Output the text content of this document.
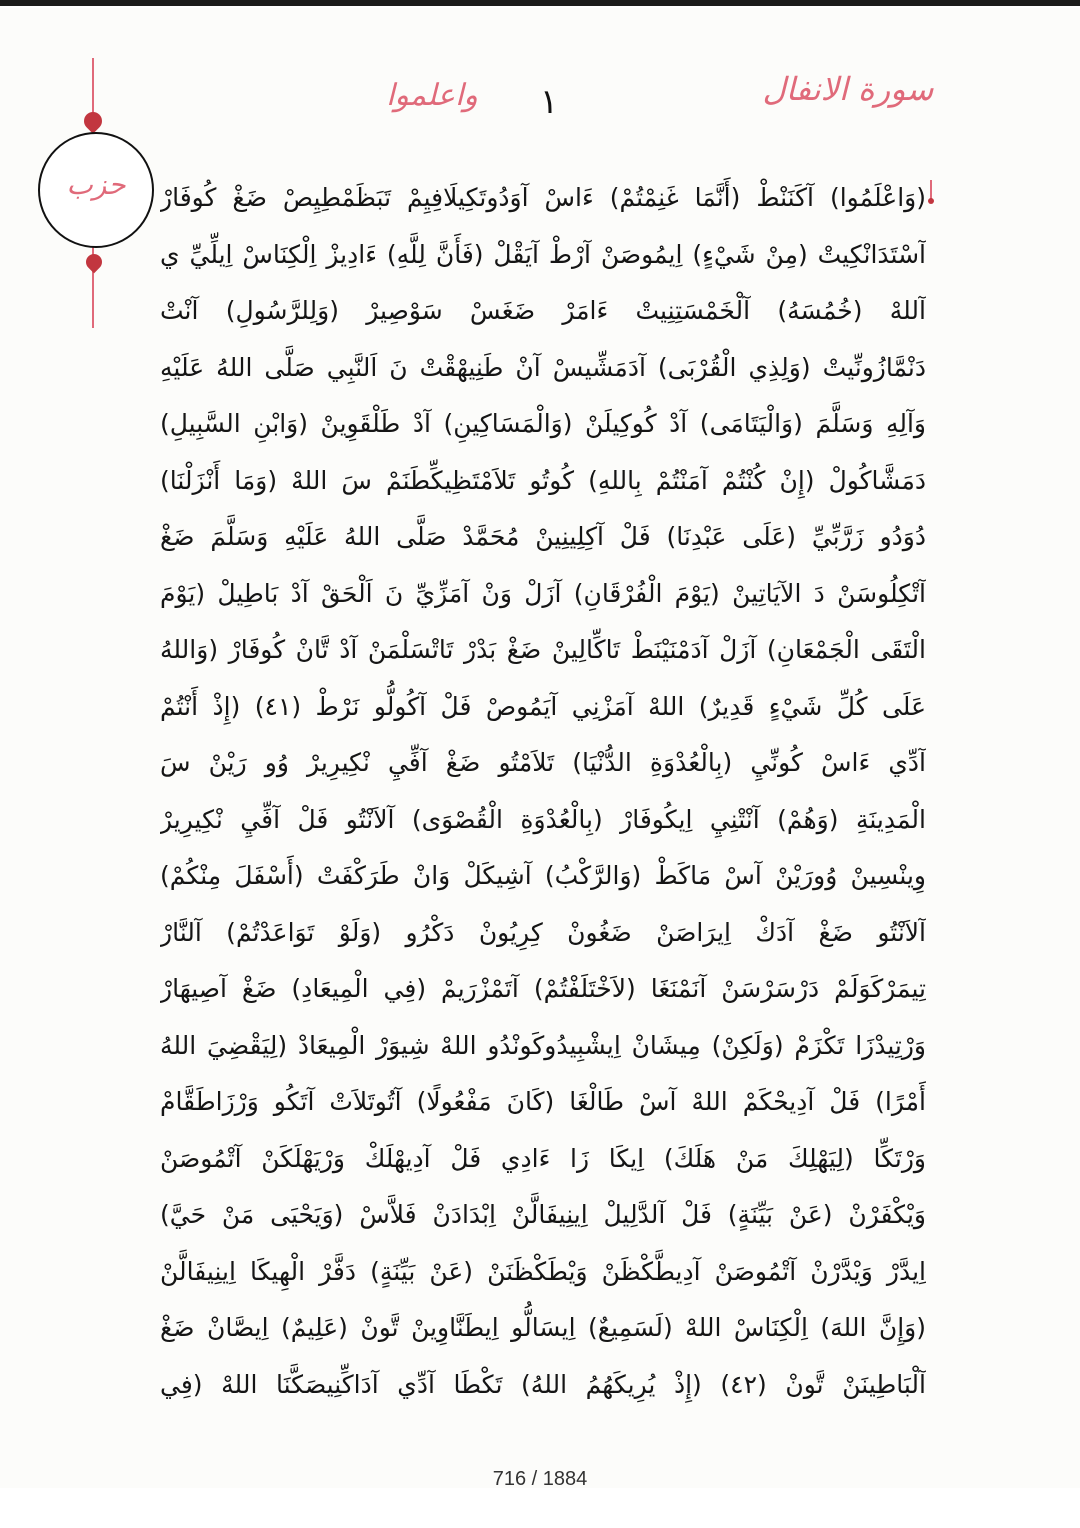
سورة الانفال
١
واعلموا
حزب	(وَاعْلَمُوا) آكَنَنْطْ (أَنَّمَا غَنِمْتُمْ) ءَاسْ آوَدُوتَكِيلَافِيِمْ تَبَظَمْطِيِصْ ضَغْ كُوفَارْ
آسْتَدَانْكِيتْ (مِنْ شَيْءٍ) اِيمُوصَنْ آرْطْ آيَقْلْ (فَأَنَّ لِلَّهِ) ءَادِيزْ اِلْكِنَاسْ اِيلِّيِّ ي
آللهْ (خُمُسَهُ) آلْخَمْسَتِنِيتْ ءَامَرْ ضَغَسْ سَوْصِيرْ (وَلِلرَّسُولِ) آنْتْ
دَنْمَّازُونِّيتْ (وَلِذِي الْقُرْبَى) آدَمَشِّيسْ آنْ طَنِيهْقْتْ نَ اَلنَّبِي صَلَّى اللهُ عَلَيْهِ
وَآلِهِ وَسَلَّمَ (وَالْيَتَامَى) آدْ كُوكِيلَنْ (وَالْمَسَاكِينِ) آدْ طَلْقَوِينْ (وَابْنِ السَّبِيلِ)
دَمَشَّاكُولْ (إِنْ كُنْتُمْ آمَنْتُمْ بِاللهِ) كُوتُو تَلاَمْتَظِيكِّطَنَمْ سَ اللهْ (وَمَا أَنْزَلْنَا)
دُوَدُو زَرَّبِّيِّ (عَلَى عَبْدِنَا) فَلْ آكِلِينِينْ مُحَمَّدْ صَلَّى اللهُ عَلَيْهِ وَسَلَّمَ ضَغْ
آتْكِلُوسَنْ دَ الآيَاتِينْ (يَوْمَ الْفُرْقَانِ) آزَلْ وَنْ آمَزِّيِّ نَ اَلْحَقْ آدْ بَاطِيلْ (يَوْمَ
الْتَقَى الْجَمْعَانِ) آزَلْ آدَمْنَيْنَطْ تَاكِّالِينْ ضَغْ بَدْرْ تَاتْسَلْمَنْ آدْ تَّانْ كُوفَارْ (وَاللهُ
عَلَى كُلِّ شَيْءٍ قَدِيرٌ) اللهْ آمَزْنِي آيَمُوصْ فَلْ آكُولُّو نَرْطْ (٤١) (إِذْ أَنْتُمْ
آدِّي ءَاسْ كُونِّيِ (بِالْعُدْوَةِ الدُّنْيَا) تَلاَمْتُو ضَغْ آفِّيِ نْكِيرِيرْ وُو رَيْنْ سَ
الْمَدِينَةِ (وَهُمْ) آنْتْنِيِ اِيكُوفَارْ (بِالْعُدْوَةِ الْقُصْوَى) آلاَنْتُو فَلْ آفِّيِ نْكِيرِيرْ
وِينْسِينْ وُورَيْنْ آسْ مَاكَطْ (وَالرَّكْبُ) آشِيكَلْ وَانْ طَرَكْفَتْ (أَسْفَلَ مِنْكُمْ)
آلاَنْتُو ضَغْ آدَكْ اِيرَاصَنْ ضَغُونْ كِرِيُونْ دَكْرُو (وَلَوْ تَوَاعَدْتُمْ) آلنَّارْ
تِيمَرْكَوَلَمْ دَرْسَرْسَنْ آنَمْنَغَا (لاَخْتَلَفْتُمْ) آتَمْزْرَيمْ (فِي الْمِيعَادِ) ضَغْ آصِيهَارْ
وَرْتِيدْزَا تَكْزَمْ (وَلَكِنْ) مِيشَانْ اِيشْبِيدُوكَونْدُو اللهْ شِيوَرْ الْمِيعَادْ (لِيَقْضِيَ اللهُ
أَمْرًا) فَلْ آدِيحْكَمْ اللهْ آسْ طَالْغَا (كَانَ مَفْعُولًا) آتُوتَلاَتْ آتَكُو وَرْزَاطَقَّامْ
وَرْتَكِّا (لِيَهْلِكَ مَنْ هَلَكَ) اِيكَا زَا ءَادِي فَلْ آدِيهْلَكْ وَرْيَهْلَكَنْ آتْمُوصَنْ
وَيْكْفَرْنْ (عَنْ بَيِّنَةٍ) فَلْ آلدَّلِيلْ اِينِيفَالَّنْ اِبْدَادَنْ فَلاَّسْ (وَيَحْيَى مَنْ حَيَّ)
اِيدَّرْ وَيْدَّرْنْ آتْمُوصَنْ آدِيطَّكْظَنْ وَيْطَكْظَنَنْ (عَنْ بَيِّنَةٍ) دَفَّرْ الْهِيكَا اِينِيفَالَّنْ
(وَإِنَّ اللهَ) اِلْكِنَاسْ اللهْ (لَسَمِيعٌ) اِيسَالُّو اِيطَنَّاوِينْ تَّونْ (عَلِيمٌ) اِيصَّانْ ضَغْ
آلْبَاطِينَنْ تَّونْ (٤٢) (إِذْ يُرِيكَهُمُ اللهُ) تَكْطَا آدِّي آدَاكِّنِيصَكَّنَا اللهْ (فِي
716 / 1884
